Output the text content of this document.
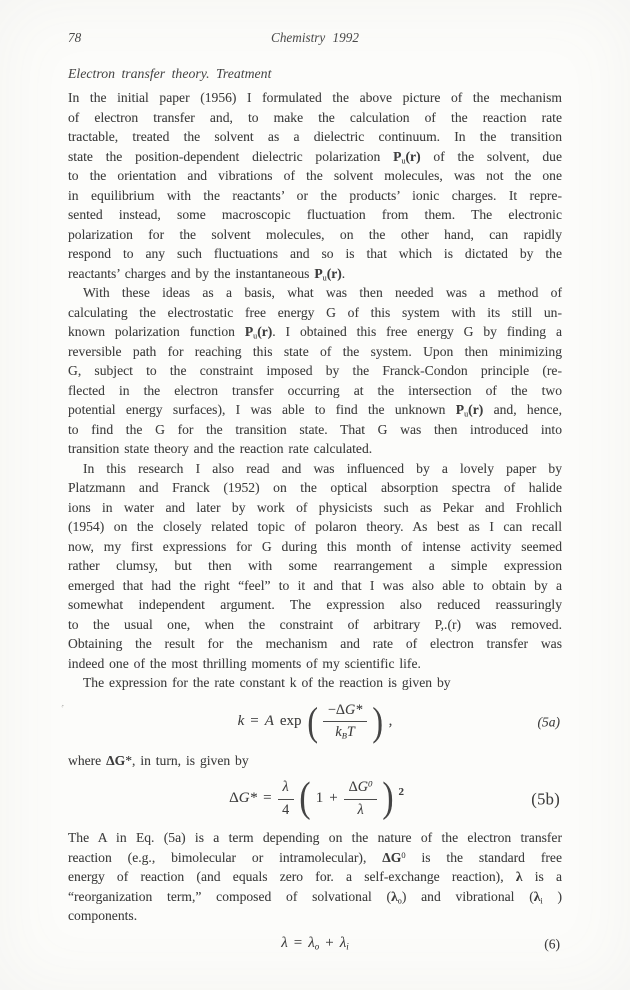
78	Chemistry 1992
Electron transfer theory. Treatment
In the initial paper (1956) I formulated the above picture of the mechanism
of electron transfer and, to make the calculation of the reaction rate
tractable, treated the solvent as a dielectric continuum. In the transition
state the position-dependent dielectric polarization $P_u(r)$ of the solvent, due
to the orientation and vibrations of the solvent molecules, was not the one
in equilibrium with the reactants’ or the products’ ionic charges. It repre-
sented instead, some macroscopic fluctuation from them. The electronic
polarization for the solvent molecules, on the other hand, can rapidly
respond to any such fluctuations and so is that which is dictated by the
reactants’ charges and by the instantaneous $P_u(r)$.
With these ideas as a basis, what was then needed was a method of
calculating the electrostatic free energy G of this system with its still un-
known polarization function $P_u(r)$. I obtained this free energy G by finding a
reversible path for reaching this state of the system. Upon then minimizing
G, subject to the constraint imposed by the Franck-Condon principle (re-
flected in the electron transfer occurring at the intersection of the two
potential energy surfaces), I was able to find the unknown $P_u(r)$ and, hence,
to find the G for the transition state. That G was then introduced into
transition state theory and the reaction rate calculated.
In this research I also read and was influenced by a lovely paper by
Platzmann and Franck (1952) on the optical absorption spectra of halide
ions in water and later by work of physicists such as Pekar and Frohlich
(1954) on the closely related topic of polaron theory. As best as I can recall
now, my first expressions for G during this month of intense activity seemed
rather clumsy, but then with some rearrangement a simple expression
emerged that had the right “feel” to it and that I was also able to obtain by a
somewhat independent argument. The expression also reduced reassuringly
to the usual one, when the constraint of arbitrary P,.(r) was removed.
Obtaining the result for the mechanism and rate of electron transfer was
indeed one of the most thrilling moments of my scientific life.
The expression for the rate constant k of the reaction is given by
k = A exp ( $\frac{-\Delta G*}{k_BT}$ ) ,	(5a)
where ΔG*, in turn, is given by
$\Delta G* = \frac{\lambda}{4}$ ( $1 + \frac{\Delta G^0}{\lambda}$ ) 2	(5b)
The A in Eq. (5a) is a term depending on the nature of the electron transfer
reaction (e.g., bimolecular or intramolecular), $\Delta G^0$ is the standard free
energy of reaction (and equals zero for. a self-exchange reaction), λ is a
“reorganization term,” composed of solvational $(\lambda_o)$ and vibrational ($\lambda_i$ )
components.
$\lambda = \lambda_o + \lambda_i$	(6)
‛
